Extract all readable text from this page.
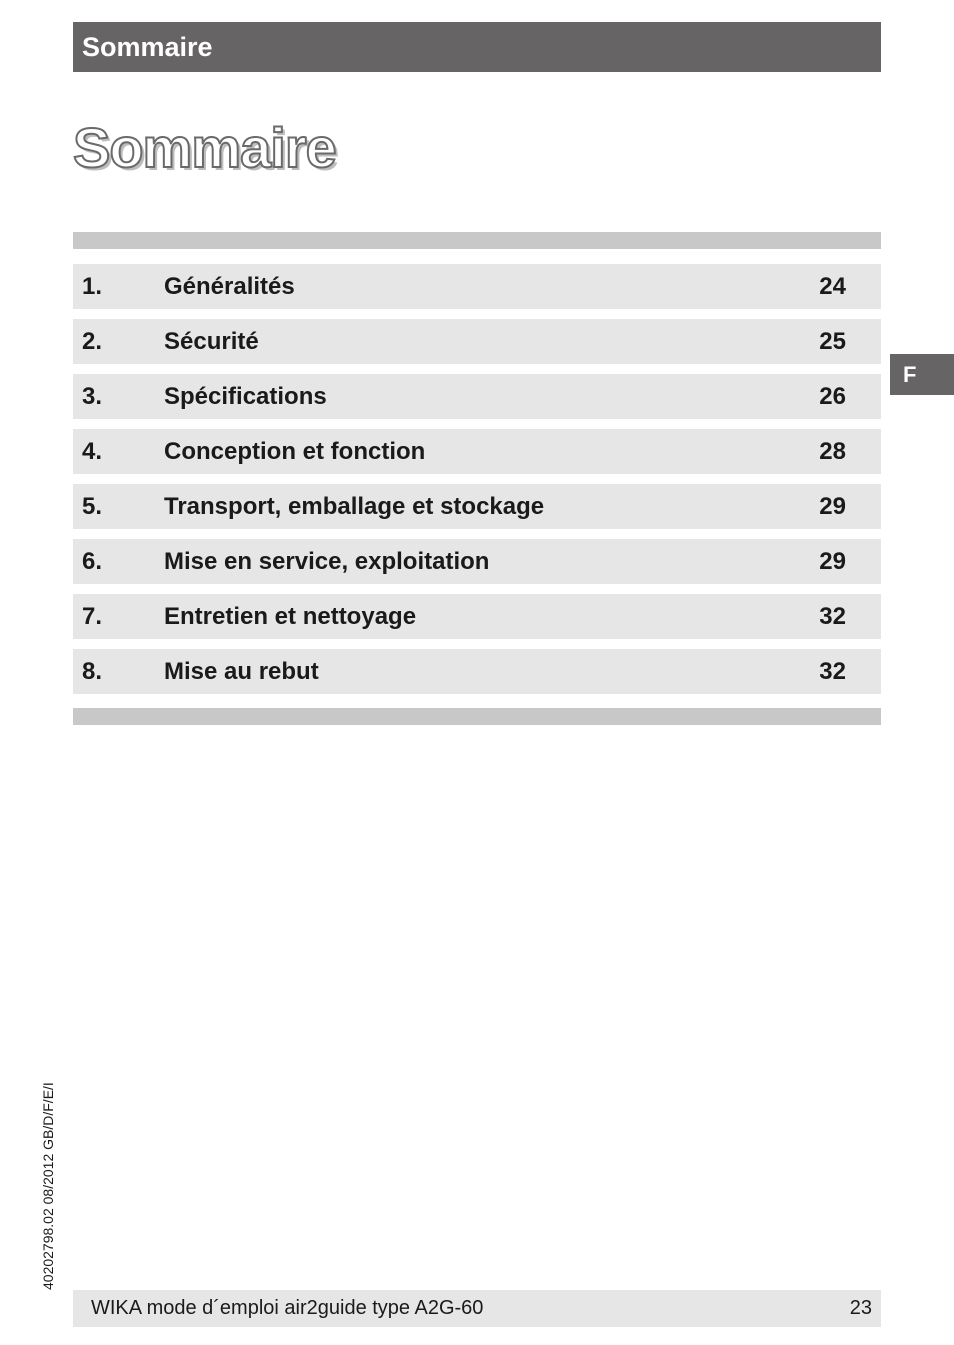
Sommaire
Sommaire
1.	Généralités	24
2.	Sécurité	25
3.	Spécifications	26
4.	Conception et fonction	28
5.	Transport, emballage et stockage	29
6.	Mise en service, exploitation	29
7.	Entretien et nettoyage	32
8.	Mise au rebut	32
F
40202798.02 08/2012 GB/D/F/E/I
WIKA mode d´emploi air2guide type A2G-60	23
